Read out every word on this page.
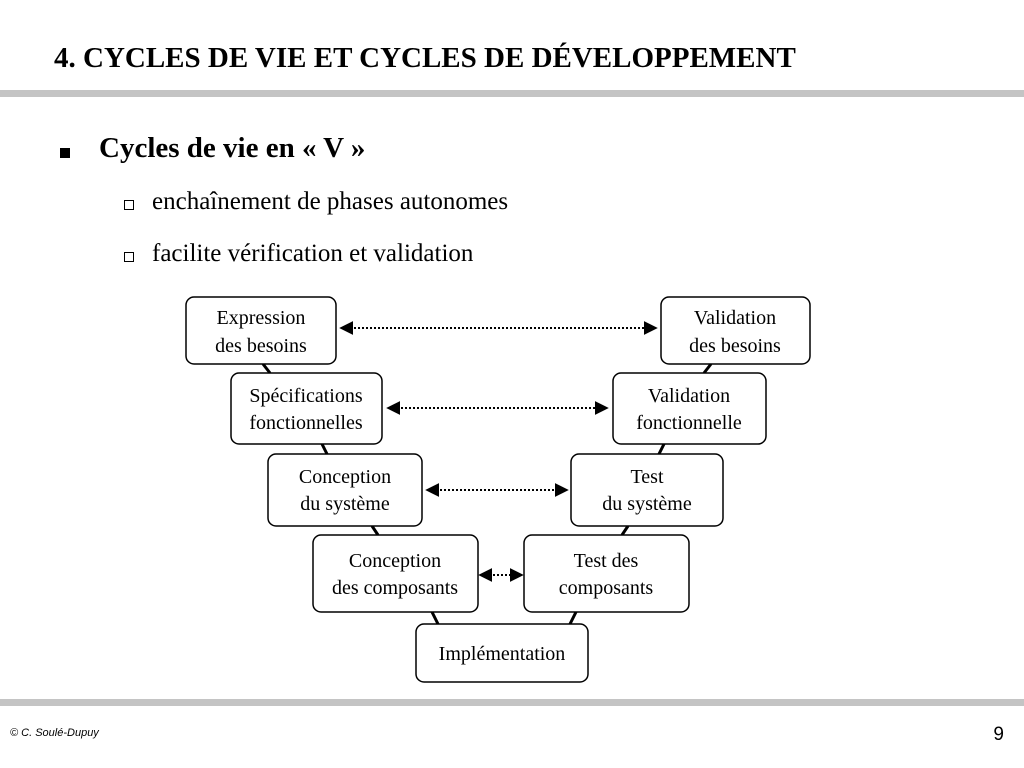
4. CYCLES DE VIE ET CYCLES DE DÉVELOPPEMENT
Cycles de vie en « V »
enchaînement de phases autonomes
facilite vérification et validation
Expression
des besoins
Spécifications
fonctionnelles
Conception
du système
Conception
des composants
Implémentation
Validation
des besoins
Validation
fonctionnelle
Test
du système
Test des
composants
© C. Soulé-Dupuy	9
